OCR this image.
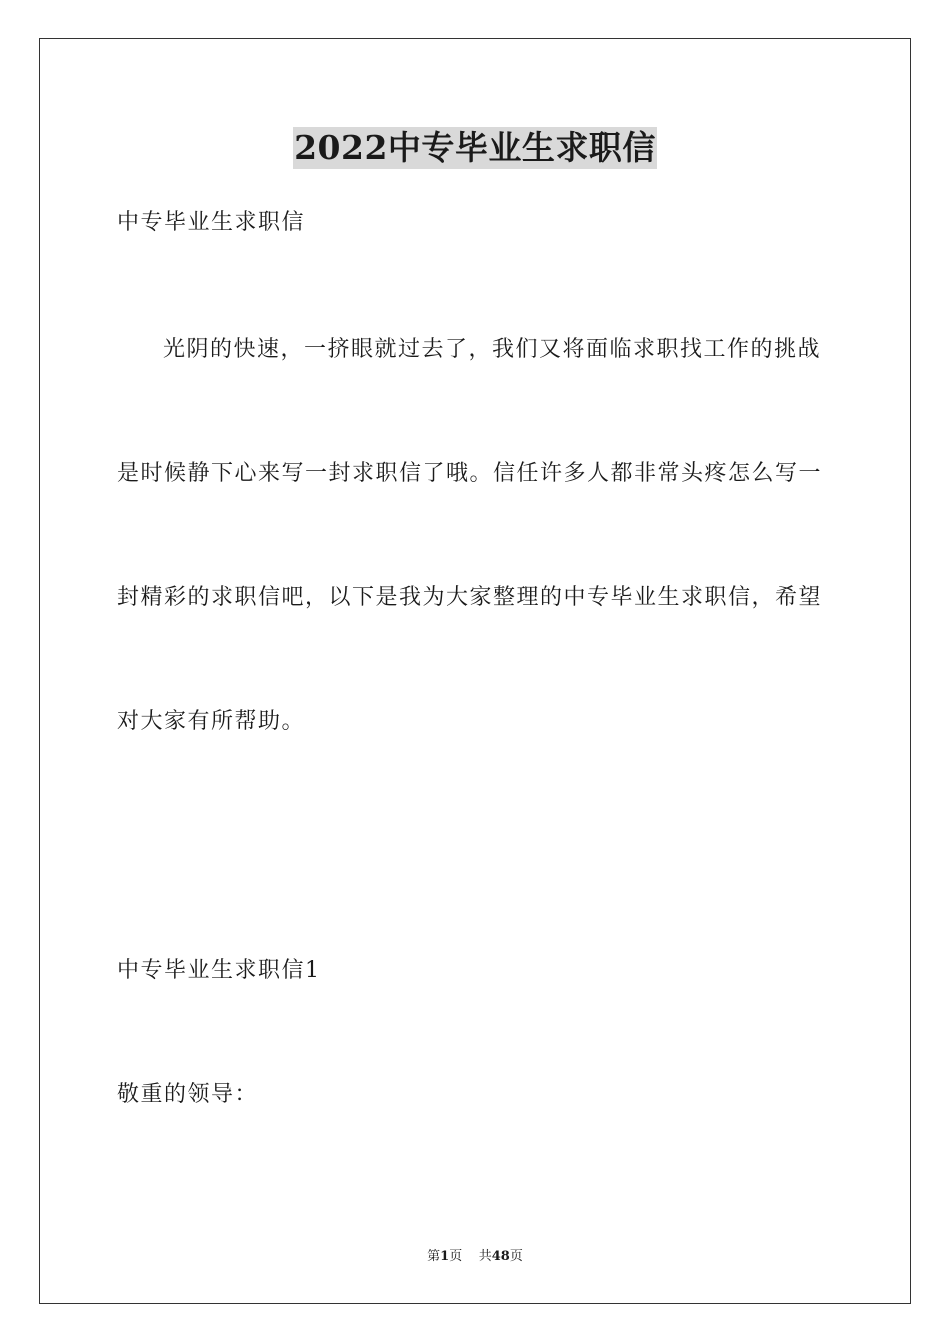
2022中专毕业生求职信
中专毕业生求职信
光阴的快速，一挤眼就过去了，我们又将面临求职找工作的挑战
是时候静下心来写一封求职信了哦。信任许多人都非常头疼怎么写一
封精彩的求职信吧，以下是我为大家整理的中专毕业生求职信，希望
对大家有所帮助。
中专毕业生求职信1
敬重的领导：
第1页 共48页
